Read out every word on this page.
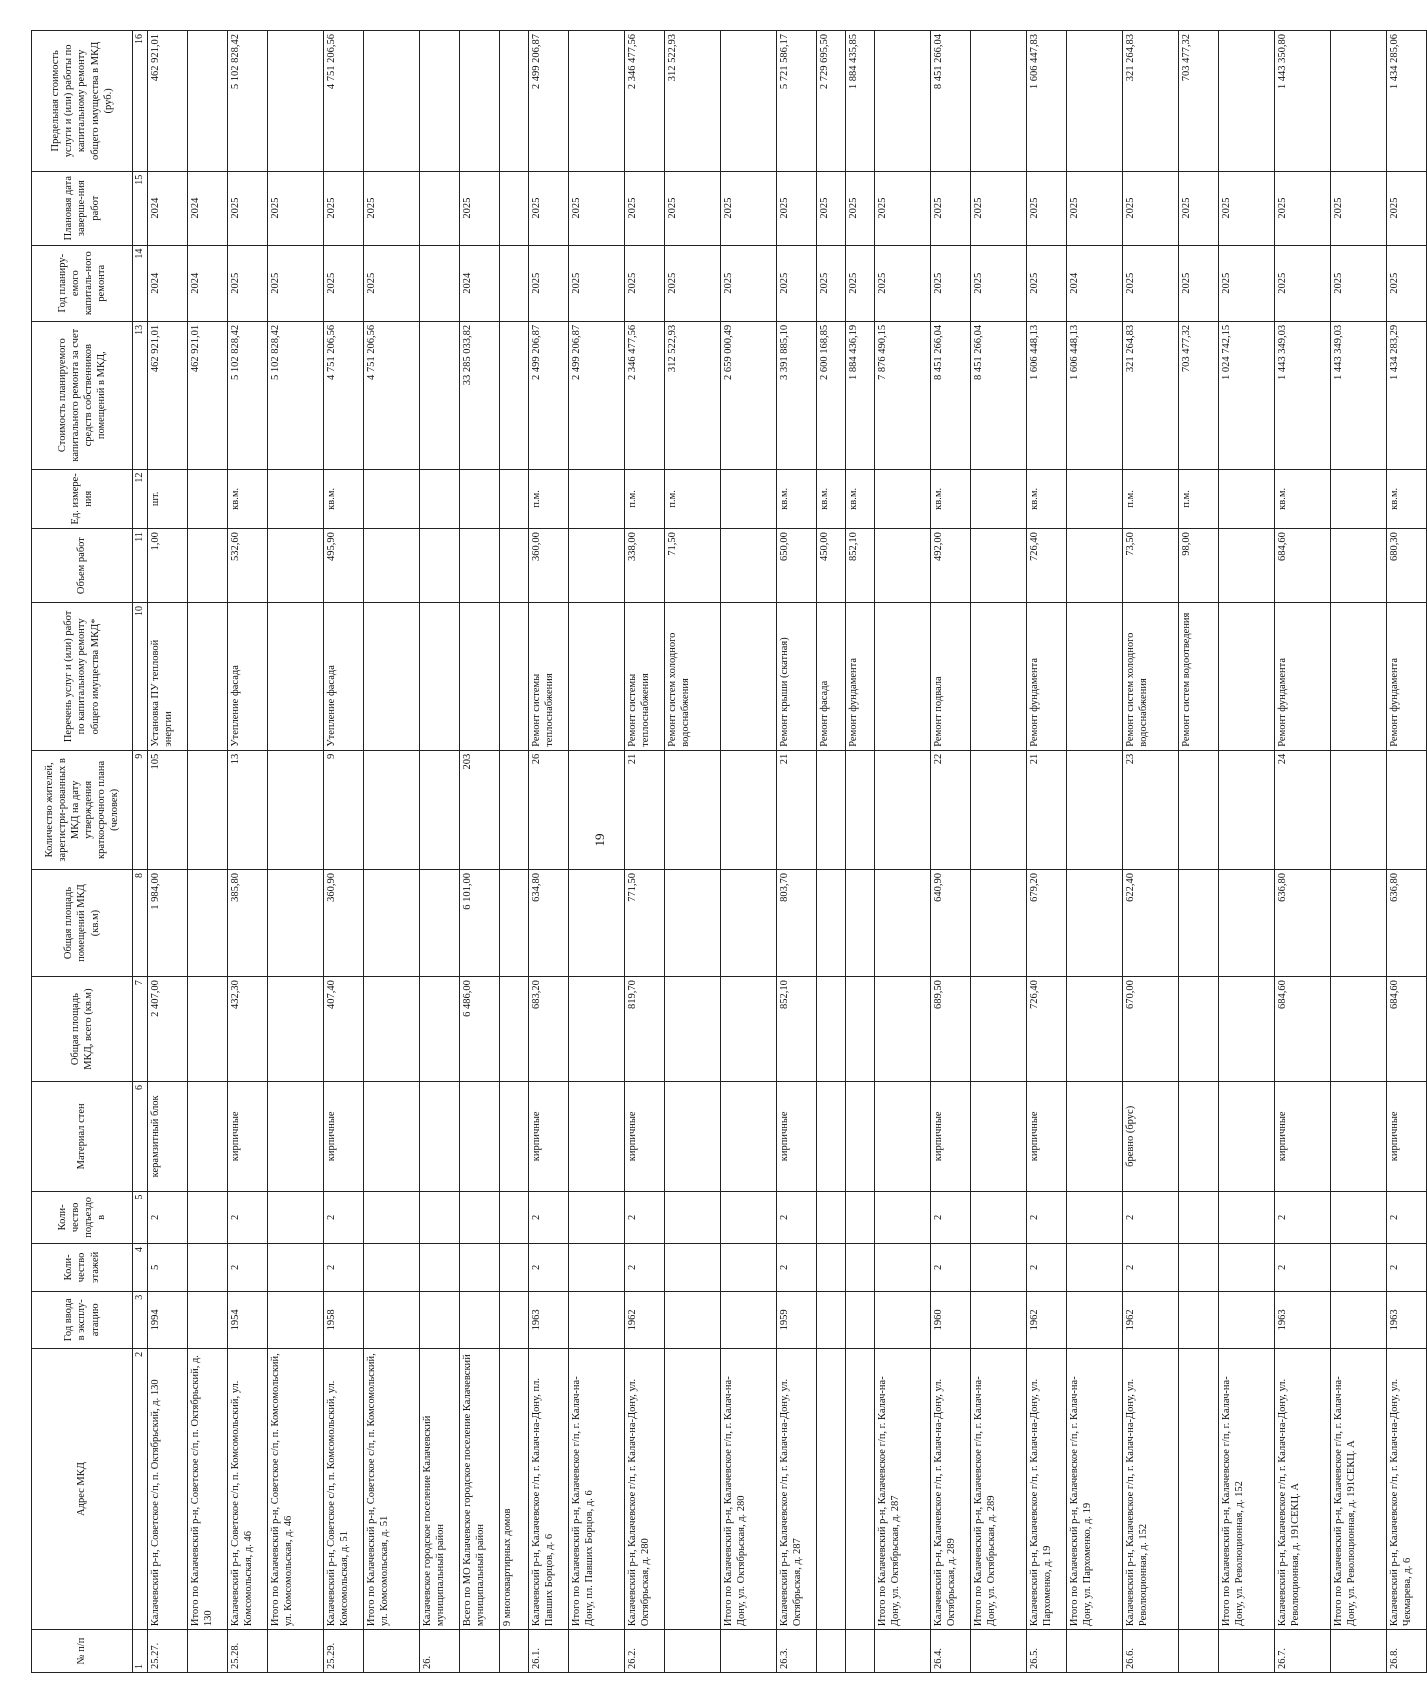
19
№ п/п	Адрес МКД	Год ввода в эксплу-атацию	Коли-чество этажей	Коли-чество подъездо в	Материал стен	Общая площадь МКД, всего (кв.м)	Общая площадь помещений МКД (кв.м)	Количество жителей, зарегистри-рованных в МКД на дату утверждения краткосрочного плана (человек)	Перечень услуг и (или) работ по капитальному ремонту общего имущества МКД*	Объем работ	Ед. измере-ния	Стоимость планируемого капитального ремонта за счет средств собственников помещений в МКД,	Год планиру-емого капиталь-ного ремонта	Плановая дата заверше-ния работ	Предельная стоимость услуги и (или) работы по капитальному ремонту общего имущества в МКД (руб.)
1	2	3	4	5	6	7	8	9	10	11	12	13	14	15	16
25.27.	Калачевский р-н, Советское с/п, п. Октябрьский, д. 130	1994	5	2	керамзитный блок	2 407,00	1 984,00	105	Установка ПУ тепловой энергии	1,00	шт.	462 921,01	2024	2024	462 921,01
	Итого по Калачевский р-н, Советское с/п, п. Октябрьский, д. 130											462 921,01	2024	2024	
25.28.	Калачевский р-н, Советское с/п, п. Комсомольский, ул. Комсомольская, д. 46	1954	2	2	кирпичные	432,30	385,80	13	Утепление фасада	532,60	кв.м.	5 102 828,42	2025	2025	5 102 828,42
	Итого по Калачевский р-н, Советское с/п, п. Комсомольский, ул. Комсомольская, д. 46											5 102 828,42	2025	2025	
25.29.	Калачевский р-н, Советское с/п, п. Комсомольский, ул. Комсомольская, д. 51	1958	2	2	кирпичные	407,40	360,90	9	Утепление фасада	495,90	кв.м.	4 751 206,56	2025	2025	4 751 206,56
	Итого по Калачевский р-н, Советское с/п, п. Комсомольский, ул. Комсомольская, д. 51											4 751 206,56	2025	2025	
26.	Калачевское городское поселение Калачевский муниципальный район														
	Всего по МО Калачевское городское поселение Калачевский муниципальный район					6 486,00	6 101,00	203				33 285 033,82	2024	2025	
	9 многоквартирных домов														
26.1.	Калачевский р-н, Калачевское г/п, г. Калач-на-Дону, пл. Павших Борцов, д. 6	1963	2	2	кирпичные	683,20	634,80	26	Ремонт системы теплоснабжения	360,00	п.м.	2 499 206,87	2025	2025	2 499 206,87
	Итого по Калачевский р-н, Калачевское г/п, г. Калач-на-Дону, пл. Павших Борцов, д. 6											2 499 206,87	2025	2025	
26.2.	Калачевский р-н, Калачевское г/п, г. Калач-на-Дону, ул. Октябрьская, д. 280	1962	2	2	кирпичные	819,70	771,50	21	Ремонт системы теплоснабжения	338,00	п.м.	2 346 477,56	2025	2025	2 346 477,56
									Ремонт систем холодного водоснабжения	71,50	п.м.	312 522,93	2025	2025	312 522,93
	Итого по Калачевский р-н, Калачевское г/п, г. Калач-на-Дону, ул. Октябрьская, д. 280											2 659 000,49	2025	2025	
26.3.	Калачевский р-н, Калачевское г/п, г. Калач-на-Дону, ул. Октябрьская, д. 287	1959	2	2	кирпичные	852,10	803,70	21	Ремонт крыши (скатная)	650,00	кв.м.	3 391 885,10	2025	2025	5 721 586,17
									Ремонт фасада	450,00	кв.м.	2 600 168,85	2025	2025	2 729 695,50
									Ремонт фундамента	852,10	кв.м.	1 884 436,19	2025	2025	1 884 435,85
	Итого по Калачевский р-н, Калачевское г/п, г. Калач-на-Дону, ул. Октябрьская, д. 287											7 876 490,15	2025	2025	
26.4.	Калачевский р-н, Калачевское г/п, г. Калач-на-Дону, ул. Октябрьская, д. 289	1960	2	2	кирпичные	689,50	640,90	22	Ремонт подвала	492,00	кв.м.	8 451 266,04	2025	2025	8 451 266,04
	Итого по Калачевский р-н, Калачевское г/п, г. Калач-на-Дону, ул. Октябрьская, д. 289											8 451 266,04	2025	2025	
26.5.	Калачевский р-н, Калачевское г/п, г. Калач-на-Дону, ул. Пархоменко, д. 19	1962	2	2	кирпичные	726,40	679,20	21	Ремонт фундамента	726,40	кв.м.	1 606 448,13	2025	2025	1 606 447,83
	Итого по Калачевский р-н, Калачевское г/п, г. Калач-на-Дону, ул. Пархоменко, д. 19											1 606 448,13	2024	2025	
26.6.	Калачевский р-н, Калачевское г/п, г. Калач-на-Дону, ул. Революционная, д. 152	1962	2	2	бревно (брус)	670,00	622,40	23	Ремонт систем холодного водоснабжения	73,50	п.м.	321 264,83	2025	2025	321 264,83
									Ремонт систем водоотведения	98,00	п.м.	703 477,32	2025	2025	703 477,32
	Итого по Калачевский р-н, Калачевское г/п, г. Калач-на-Дону, ул. Революционная, д. 152											1 024 742,15	2025	2025	
26.7.	Калачевский р-н, Калачевское г/п, г. Калач-на-Дону, ул. Революционная, д. 191СЕКЦ. А	1963	2	2	кирпичные	684,60	636,80	24	Ремонт фундамента	684,60	кв.м.	1 443 349,03	2025	2025	1 443 350,80
	Итого по Калачевский р-н, Калачевское г/п, г. Калач-на-Дону, ул. Революционная, д. 191СЕКЦ. А											1 443 349,03	2025	2025	
26.8.	Калачевский р-н, Калачевское г/п, г. Калач-на-Дону, ул. Чекмарева, д. 6	1963	2	2	кирпичные	684,60	636,80		Ремонт фундамента	680,30	кв.м.	1 434 283,29	2025	2025	1 434 285,06
